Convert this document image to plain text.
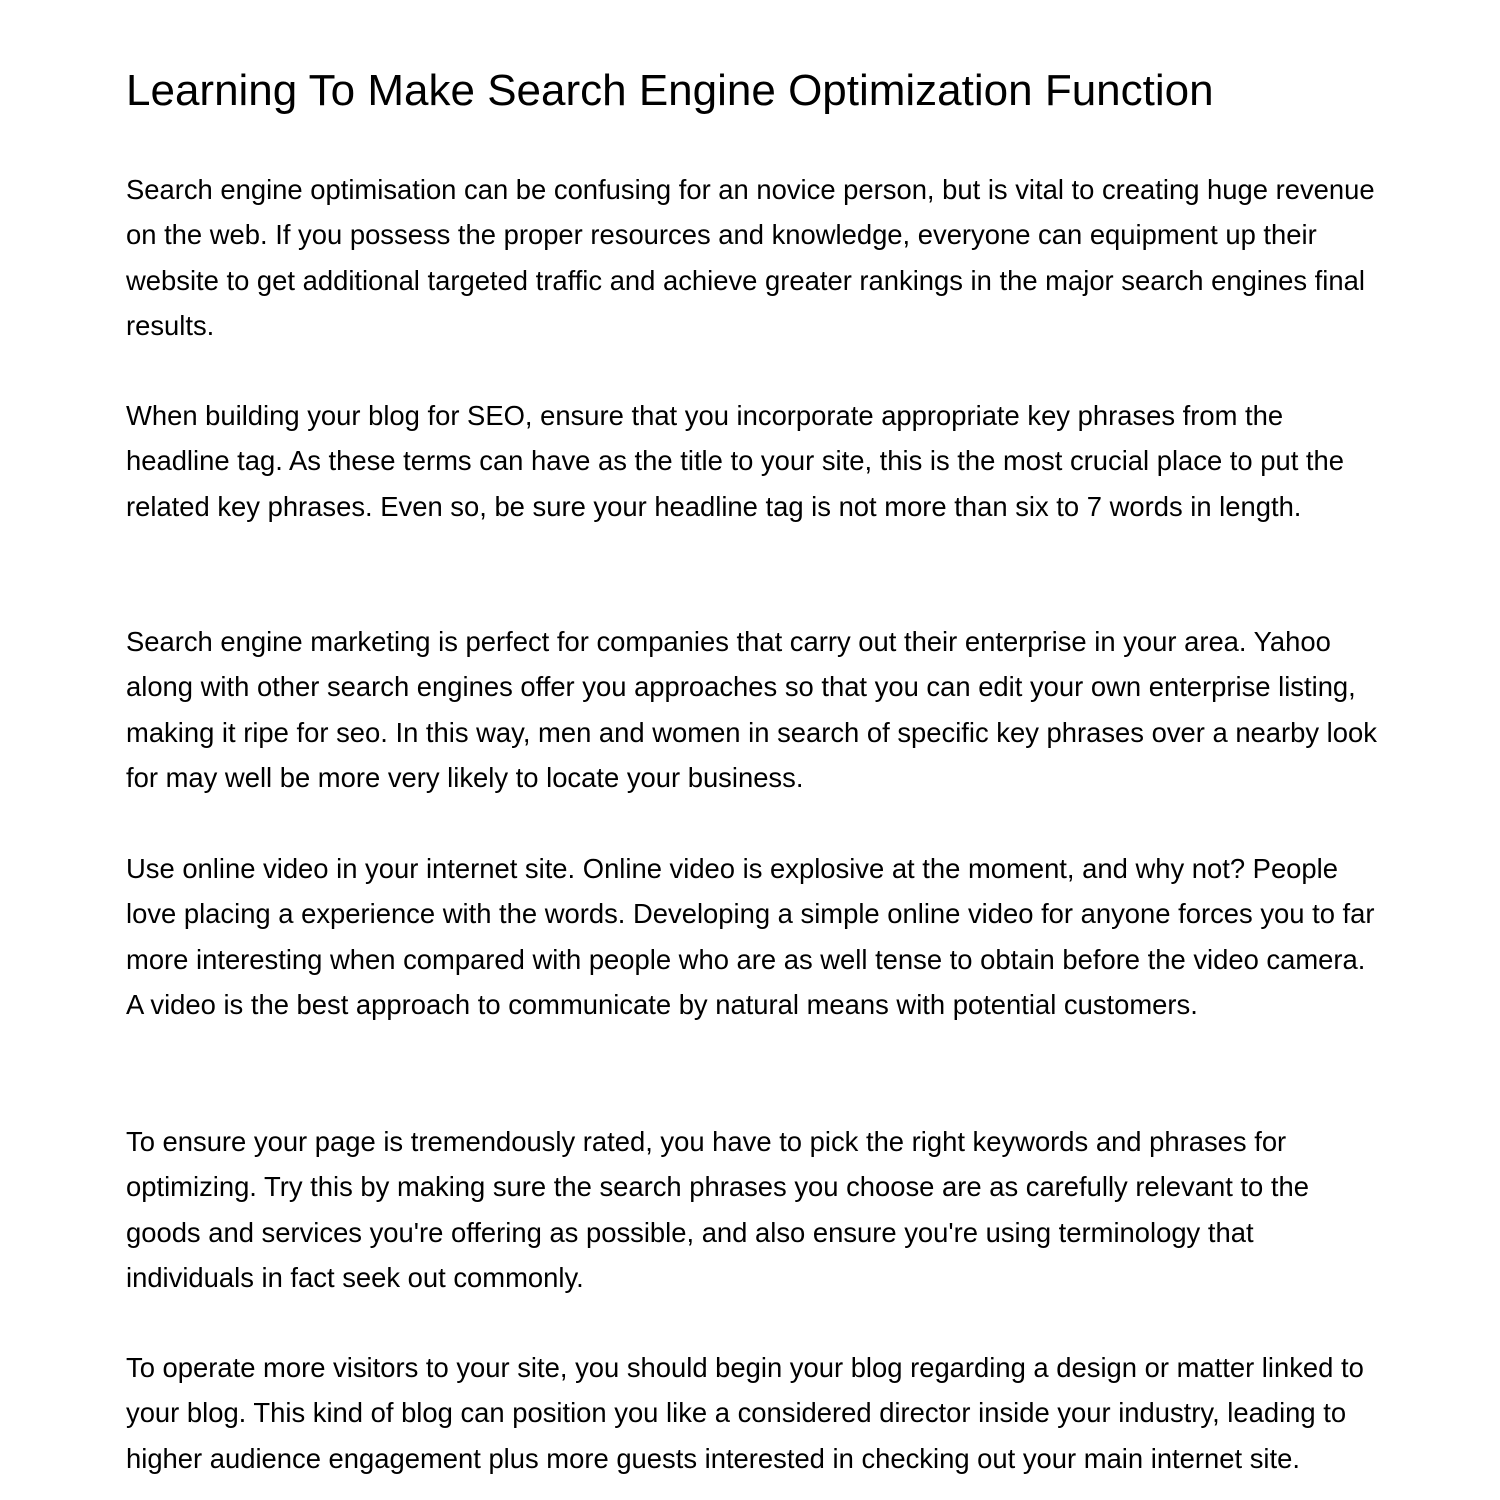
Learning To Make Search Engine Optimization Function

Search engine optimisation can be confusing for an novice person, but is vital to creating huge revenue on the web. If you possess the proper resources and knowledge, everyone can equipment up their website to get additional targeted traffic and achieve greater rankings in the major search engines final results.

When building your blog for SEO, ensure that you incorporate appropriate key phrases from the headline tag. As these terms can have as the title to your site, this is the most crucial place to put the related key phrases. Even so, be sure your headline tag is not more than six to 7 words in length.

Search engine marketing is perfect for companies that carry out their enterprise in your area. Yahoo along with other search engines offer you approaches so that you can edit your own enterprise listing, making it ripe for seo. In this way, men and women in search of specific key phrases over a nearby look for may well be more very likely to locate your business.

Use online video in your internet site. Online video is explosive at the moment, and why not? People love placing a experience with the words. Developing a simple online video for anyone forces you to far more interesting when compared with people who are as well tense to obtain before the video camera. A video is the best approach to communicate by natural means with potential customers.

To ensure your page is tremendously rated, you have to pick the right keywords and phrases for optimizing. Try this by making sure the search phrases you choose are as carefully relevant to the goods and services you're offering as possible, and also ensure you're using terminology that individuals in fact seek out commonly.

To operate more visitors to your site, you should begin your blog regarding a design or matter linked to your blog. This kind of blog can position you like a considered director inside your industry, leading to higher audience engagement plus more guests interested in checking out your main internet site.
